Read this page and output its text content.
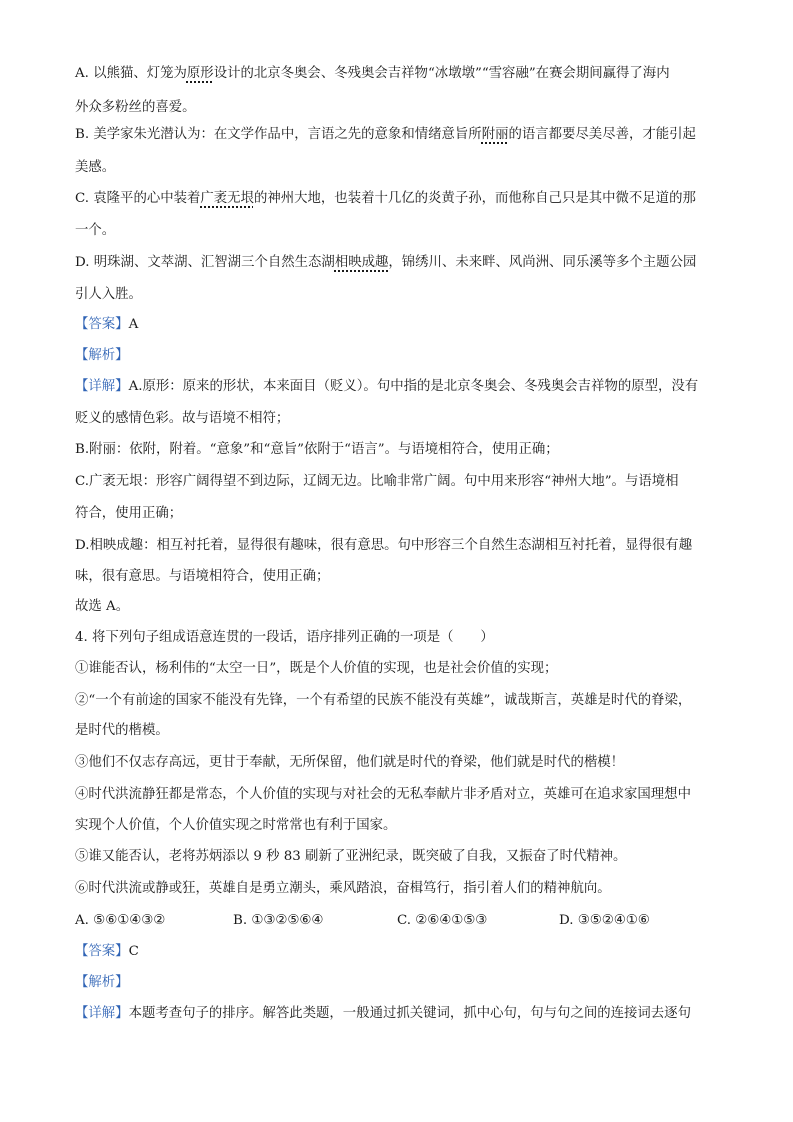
A. 以熊猫、灯笼为原形设计的北京冬奥会、冬残奥会吉祥物“冰墩墩”“雪容融”在赛会期间赢得了海内
外众多粉丝的喜爱。
B. 美学家朱光潜认为：在文学作品中，言语之先的意象和情绪意旨所附丽的语言都要尽美尽善，才能引起
美感。
C. 袁隆平的心中装着广袤无垠的神州大地，也装着十几亿的炎黄子孙，而他称自己只是其中微不足道的那
一个。
D. 明珠湖、文萃湖、汇智湖三个自然生态湖相映成趣，锦绣川、未来畔、风尚洲、同乐溪等多个主题公园
引人入胜。
【答案】A
【解析】
【详解】A.原形：原来的形状，本来面目（贬义）。句中指的是北京冬奥会、冬残奥会吉祥物的原型，没有
贬义的感情色彩。故与语境不相符；
B.附丽：依附，附着。“意象”和“意旨”依附于“语言”。与语境相符合，使用正确；
C.广袤无垠：形容广阔得望不到边际，辽阔无边。比喻非常广阔。句中用来形容“神州大地”。与语境相
符合，使用正确；
D.相映成趣：相互衬托着，显得很有趣味，很有意思。句中形容三个自然生态湖相互衬托着，显得很有趣
味，很有意思。与语境相符合，使用正确；
故选 A。
4. 将下列句子组成语意连贯的一段话，语序排列正确的一项是（　　）
①谁能否认，杨利伟的“太空一日”，既是个人价值的实现，也是社会价值的实现；
②“一个有前途的国家不能没有先锋，一个有希望的民族不能没有英雄”，诚哉斯言，英雄是时代的脊梁，
是时代的楷模。
③他们不仅志存高远，更甘于奉献，无所保留，他们就是时代的脊梁，他们就是时代的楷模！
④时代洪流静狂都是常态，个人价值的实现与对社会的无私奉献片非矛盾对立，英雄可在追求家国理想中
实现个人价值，个人价值实现之时常常也有利于国家。
⑤谁又能否认，老将苏炳添以 9 秒 83 刷新了亚洲纪录，既突破了自我，又振奋了时代精神。
⑥时代洪流或静或狂，英雄自是勇立潮头，乘风踏浪，奋楫笃行，指引着人们的精神航向。
A. ⑤⑥①④③②	B. ①③②⑤⑥④	C. ②⑥④①⑤③	D. ③⑤②④①⑥
【答案】C
【解析】
【详解】本题考查句子的排序。解答此类题，一般通过抓关键词，抓中心句，句与句之间的连接词去逐句
